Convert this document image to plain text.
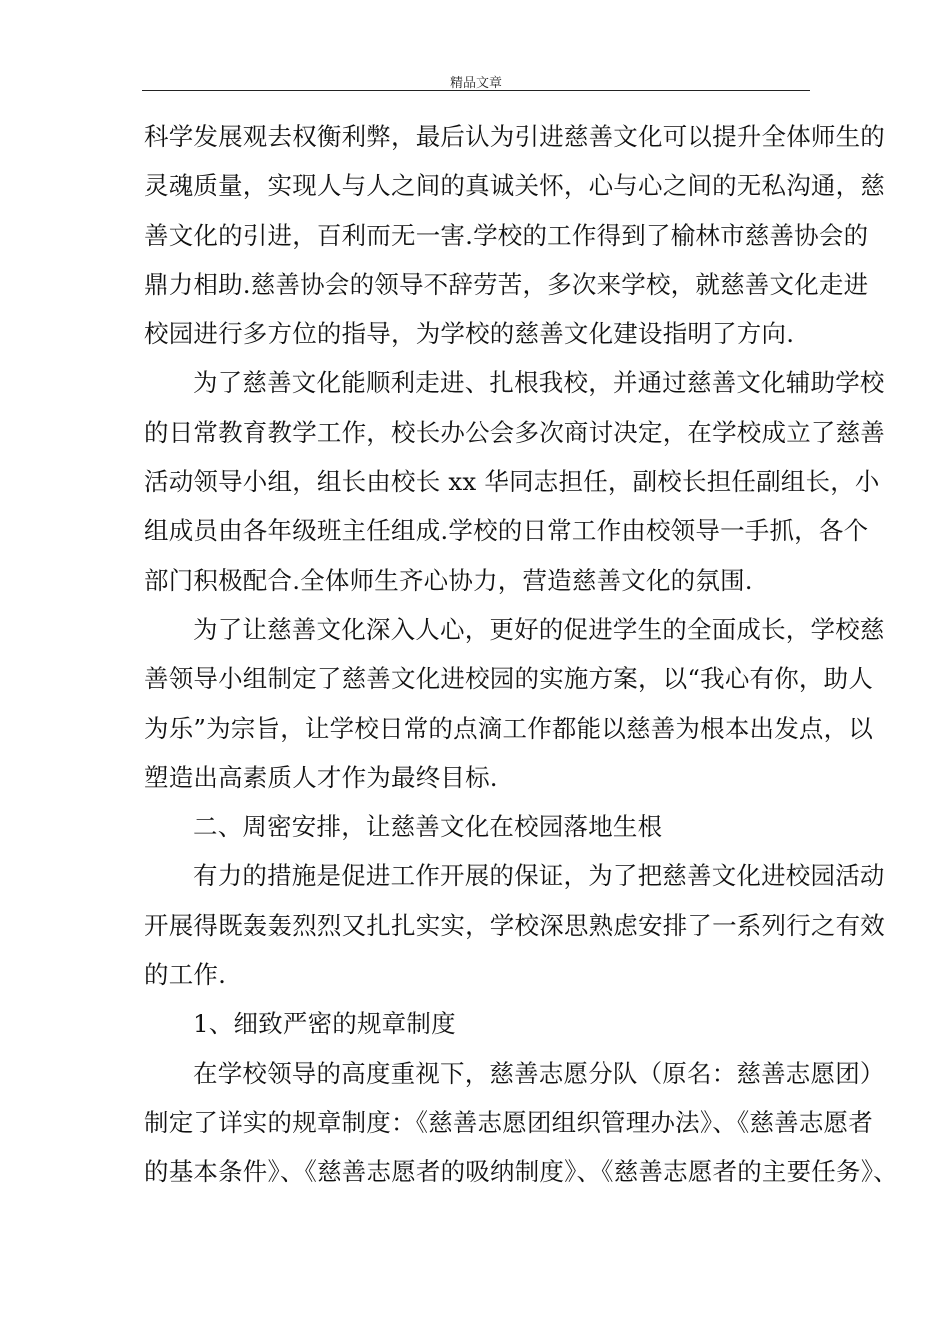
精品文章
科学发展观去权衡利弊，最后认为引进慈善文化可以提升全体师生的
灵魂质量，实现人与人之间的真诚关怀，心与心之间的无私沟通，慈
善文化的引进，百利而无一害.学校的工作得到了榆林市慈善协会的
鼎力相助.慈善协会的领导不辞劳苦，多次来学校，就慈善文化走进
校园进行多方位的指导，为学校的慈善文化建设指明了方向.
为了慈善文化能顺利走进、扎根我校，并通过慈善文化辅助学校
的日常教育教学工作，校长办公会多次商讨决定，在学校成立了慈善
活动领导小组，组长由校长 xx 华同志担任，副校长担任副组长，小
组成员由各年级班主任组成.学校的日常工作由校领导一手抓，各个
部门积极配合.全体师生齐心协力，营造慈善文化的氛围.
为了让慈善文化深入人心，更好的促进学生的全面成长，学校慈
善领导小组制定了慈善文化进校园的实施方案，以“我心有你，助人
为乐”为宗旨，让学校日常的点滴工作都能以慈善为根本出发点，以
塑造出高素质人才作为最终目标.
二、周密安排，让慈善文化在校园落地生根
有力的措施是促进工作开展的保证，为了把慈善文化进校园活动
开展得既轰轰烈烈又扎扎实实，学校深思熟虑安排了一系列行之有效
的工作.
1、细致严密的规章制度
在学校领导的高度重视下，慈善志愿分队（原名：慈善志愿团）
制定了详实的规章制度：《慈善志愿团组织管理办法》、《慈善志愿者
的基本条件》、《慈善志愿者的吸纳制度》、《慈善志愿者的主要任务》、
